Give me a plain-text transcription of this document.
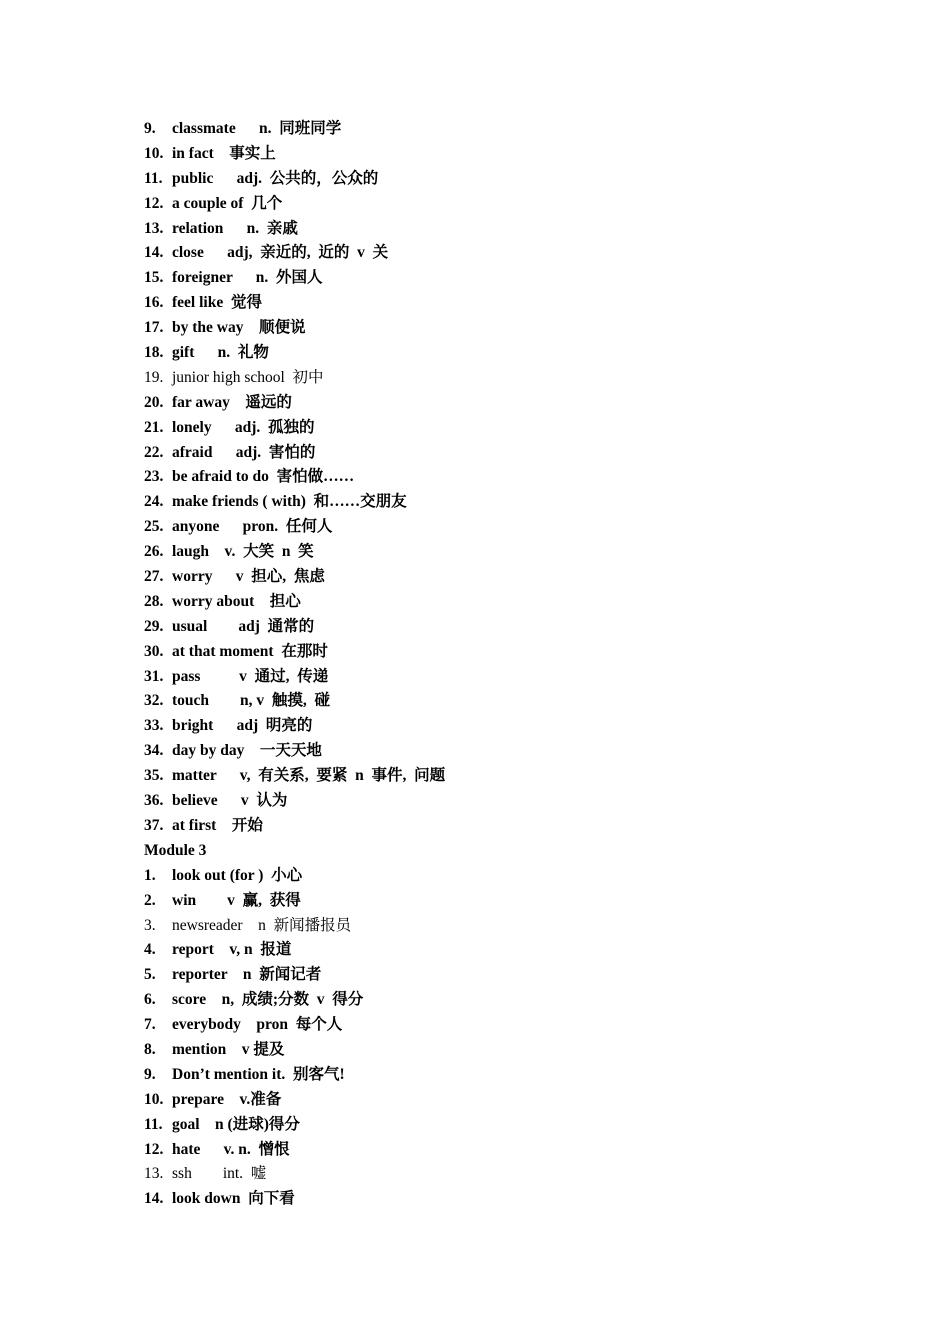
9. classmate      n.  同班同学
10. in fact    事实上
11. public      adj.  公共的，公众的
12. a couple of  几个
13. relation      n.  亲戚
14. close      adj,  亲近的,  近的  v  关
15. foreigner      n.  外国人
16. feel like  觉得
17. by the way    顺便说
18. gift      n.  礼物
19. junior high school  初中
20. far away    遥远的
21. lonely      adj.  孤独的
22. afraid      adj.  害怕的
23. be afraid to do  害怕做……
24. make friends ( with)  和……交朋友
25. anyone      pron.  任何人
26. laugh    v.  大笑  n  笑
27. worry      v  担心,  焦虑
28. worry about    担心
29. usual        adj  通常的
30. at that moment  在那时
31. pass          v  通过,  传递
32. touch        n, v  触摸,  碰
33. bright      adj  明亮的
34. day by day    一天天地
35. matter      v,  有关系,  要紧  n  事件,  问题
36. believe      v  认为
37. at first    开始
Module 3
1. look out (for )  小心
2. win        v  赢,  获得
3. newsreader    n  新闻播报员
4. report    v, n  报道
5. reporter    n  新闻记者
6. score    n,  成绩;分数  v  得分
7. everybody    pron  每个人
8. mention    v 提及
9. Don’t mention it.  别客气!
10. prepare    v.准备
11. goal    n (进球)得分
12. hate      v. n.  憎恨
13. ssh        int.  嘘
14. look down  向下看
